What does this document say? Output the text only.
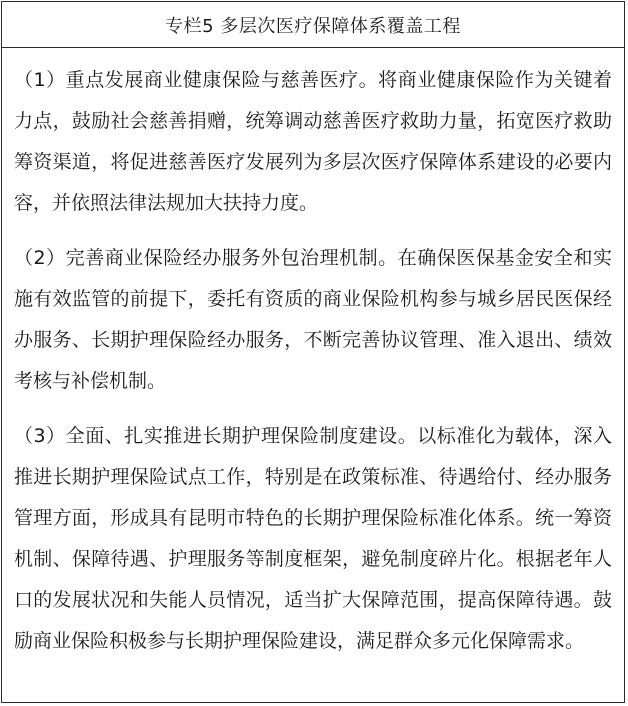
专栏5 多层次医疗保障体系覆盖工程

（1）重点发展商业健康保险与慈善医疗。将商业健康保险作为关键着力点，鼓励社会慈善捐赠，统筹调动慈善医疗救助力量，拓宽医疗救助筹资渠道，将促进慈善医疗发展列为多层次医疗保障体系建设的必要内容，并依照法律法规加大扶持力度。

（2）完善商业保险经办服务外包治理机制。在确保医保基金安全和实施有效监管的前提下，委托有资质的商业保险机构参与城乡居民医保经办服务、长期护理保险经办服务，不断完善协议管理、准入退出、绩效考核与补偿机制。

（3）全面、扎实推进长期护理保险制度建设。以标准化为载体，深入推进长期护理保险试点工作，特别是在政策标准、待遇给付、经办服务管理方面，形成具有昆明市特色的长期护理保险标准化体系。统一筹资机制、保障待遇、护理服务等制度框架，避免制度碎片化。根据老年人口的发展状况和失能人员情况，适当扩大保障范围，提高保障待遇。鼓励商业保险积极参与长期护理保险建设，满足群众多元化保障需求。
